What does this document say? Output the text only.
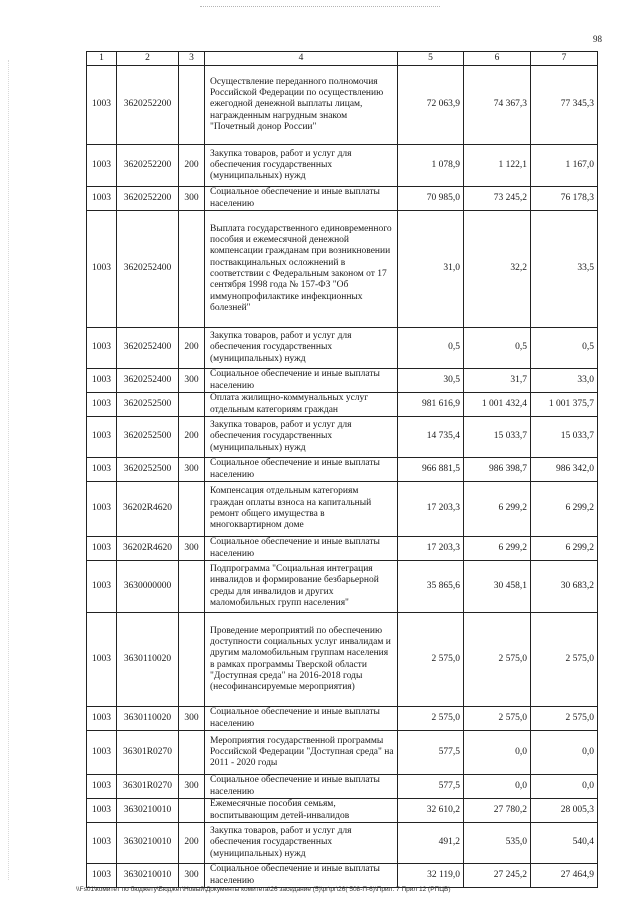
98
1	2	3	4	5	6	7
1003	3620252200		Осуществление переданного полномочия Российской Федерации по осуществлению ежегодной денежной выплаты лицам, награжденным нагрудным знаком "Почетный донор России"	72 063,9	74 367,3	77 345,3
1003	3620252200	200	Закупка товаров, работ и услуг для обеспечения государственных (муниципальных) нужд	1 078,9	1 122,1	1 167,0
1003	3620252200	300	Социальное обеспечение и иные выплаты населению	70 985,0	73 245,2	76 178,3
1003	3620252400		Выплата государственного единовременного пособия и ежемесячной денежной компенсации гражданам при возникновении поствакцинальных осложнений в соответствии с Федеральным законом от 17 сентября 1998 года № 157-ФЗ "Об иммунопрофилактике инфекционных болезней"	31,0	32,2	33,5
1003	3620252400	200	Закупка товаров, работ и услуг для обеспечения государственных (муниципальных) нужд	0,5	0,5	0,5
1003	3620252400	300	Социальное обеспечение и иные выплаты населению	30,5	31,7	33,0
1003	3620252500		Оплата жилищно-коммунальных услуг отдельным категориям граждан	981 616,9	1 001 432,4	1 001 375,7
1003	3620252500	200	Закупка товаров, работ и услуг для обеспечения государственных (муниципальных) нужд	14 735,4	15 033,7	15 033,7
1003	3620252500	300	Социальное обеспечение и иные выплаты населению	966 881,5	986 398,7	986 342,0
1003	36202R4620		Компенсация отдельным категориям граждан оплаты взноса на капитальный ремонт общего имущества в многоквартирном доме	17 203,3	6 299,2	6 299,2
1003	36202R4620	300	Социальное обеспечение и иные выплаты населению	17 203,3	6 299,2	6 299,2
1003	3630000000		Подпрограмма "Социальная интеграция инвалидов и формирование безбарьерной среды для инвалидов и других маломобильных групп населения"	35 865,6	30 458,1	30 683,2
1003	3630110020		Проведение мероприятий по обеспечению доступности социальных услуг инвалидам и другим маломобильным группам населения в рамках программы Тверской области "Доступная среда" на 2016-2018 годы (несофинансируемые мероприятия)	2 575,0	2 575,0	2 575,0
1003	3630110020	300	Социальное обеспечение и иные выплаты населению	2 575,0	2 575,0	2 575,0
1003	36301R0270		Мероприятия государственной программы Российской Федерации "Доступная среда" на 2011 - 2020 годы	577,5	0,0	0,0
1003	36301R0270	300	Социальное обеспечение и иные выплаты населению	577,5	0,0	0,0
1003	3630210010		Ежемесячные пособия семьям, воспитывающим детей-инвалидов	32 610,2	27 780,2	28 005,3
1003	3630210010	200	Закупка товаров, работ и услуг для обеспечения государственных (муниципальных) нужд	491,2	535,0	540,4
1003	3630210010	300	Социальное обеспечение и иные выплаты населению	32 119,0	27 245,2	27 464,9
\\Fs01\комитет по бюджету\Бюджет\Новый\Документы комитета\26 заседание (5)\рг\рг\26( 508-П-6)\Прил. 7 Прил 12 (РПЦВ)
